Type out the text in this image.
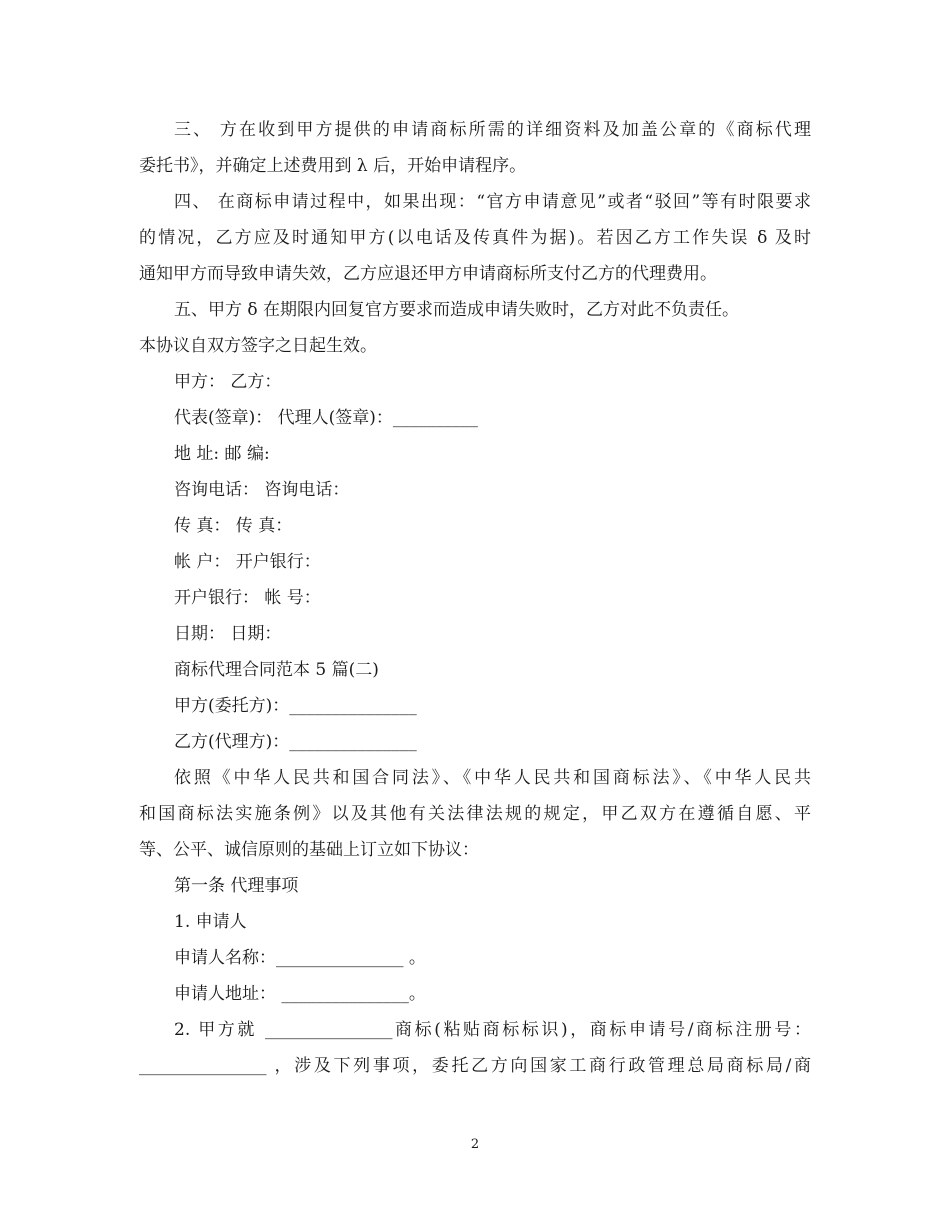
三、 方在收到甲方提供的申请商标所需的详细资料及加盖公章的《商标代理

委托书》，并确定上述费用到 λ 后，开始申请程序。

四、 在商标申请过程中，如果出现：“官方申请意见”或者“驳回”等有时限要求

的情况，乙方应及时通知甲方(以电话及传真件为据)。若因乙方工作失误 δ 及时

通知甲方而导致申请失效，乙方应退还甲方申请商标所支付乙方的代理费用。

五、甲方 δ 在期限内回复官方要求而造成申请失败时，乙方对此不负责任。

本协议自双方签字之日起生效。

甲方： 乙方：

代表(签章)： 代理人(签章)：__________

地 址: 邮 编:

咨询电话： 咨询电话：

传 真： 传 真：

帐 户： 开户银行：

开户银行： 帐 号：

日期： 日期：

商标代理合同范本 5 篇(二)

甲方(委托方)：_______________

乙方(代理方)：_______________

依照《中华人民共和国合同法》、《中华人民共和国商标法》、《中华人民共

和国商标法实施条例》以及其他有关法律法规的规定，甲乙双方在遵循自愿、平

等、公平、诚信原则的基础上订立如下协议：

第一条 代理事项

1. 申请人

申请人名称：_______________ 。

申请人地址： _______________。

2. 甲方就 _______________商标(粘贴商标标识)，商标申请号/商标注册号：

_______________ ，涉及下列事项，委托乙方向国家工商行政管理总局商标局/商

2
